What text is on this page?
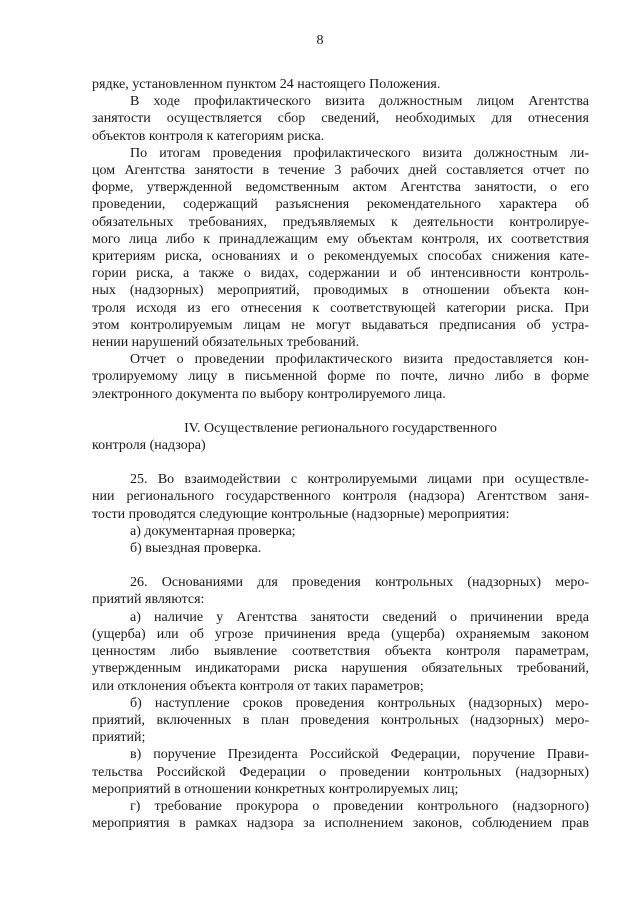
8
рядке, установленном пунктом 24 настоящего Положения.
В ходе профилактического визита должностным лицом Агентства
занятости осуществляется сбор сведений, необходимых для отнесения
объектов контроля к категориям риска.
По итогам проведения профилактического визита должностным ли-
цом Агентства занятости в течение 3 рабочих дней составляется отчет по
форме, утвержденной ведомственным актом Агентства занятости, о его
проведении, содержащий разъяснения рекомендательного характера об
обязательных требованиях, предъявляемых к деятельности контролируе-
мого лица либо к принадлежащим ему объектам контроля, их соответствия
критериям риска, основаниях и о рекомендуемых способах снижения кате-
гории риска, а также о видах, содержании и об интенсивности контроль-
ных (надзорных) мероприятий, проводимых в отношении объекта кон-
троля исходя из его отнесения к соответствующей категории риска. При
этом контролируемым лицам не могут выдаваться предписания об устра-
нении нарушений обязательных требований.
Отчет о проведении профилактического визита предоставляется кон-
тролируемому лицу в письменной форме по почте, лично либо в форме
электронного документа по выбору контролируемого лица.
IV. Осуществление регионального государственного
контроля (надзора)
25. Во взаимодействии с контролируемыми лицами при осуществле-
нии регионального государственного контроля (надзора) Агентством заня-
тости проводятся следующие контрольные (надзорные) мероприятия:
а) документарная проверка;
б) выездная проверка.
26. Основаниями для проведения контрольных (надзорных) меро-
приятий являются:
а) наличие у Агентства занятости сведений о причинении вреда
(ущерба) или об угрозе причинения вреда (ущерба) охраняемым законом
ценностям либо выявление соответствия объекта контроля параметрам,
утвержденным индикаторами риска нарушения обязательных требований,
или отклонения объекта контроля от таких параметров;
б) наступление сроков проведения контрольных (надзорных) меро-
приятий, включенных в план проведения контрольных (надзорных) меро-
приятий;
в) поручение Президента Российской Федерации, поручение Прави-
тельства Российской Федерации о проведении контрольных (надзорных)
мероприятий в отношении конкретных контролируемых лиц;
г) требование прокурора о проведении контрольного (надзорного)
мероприятия в рамках надзора за исполнением законов, соблюдением прав
